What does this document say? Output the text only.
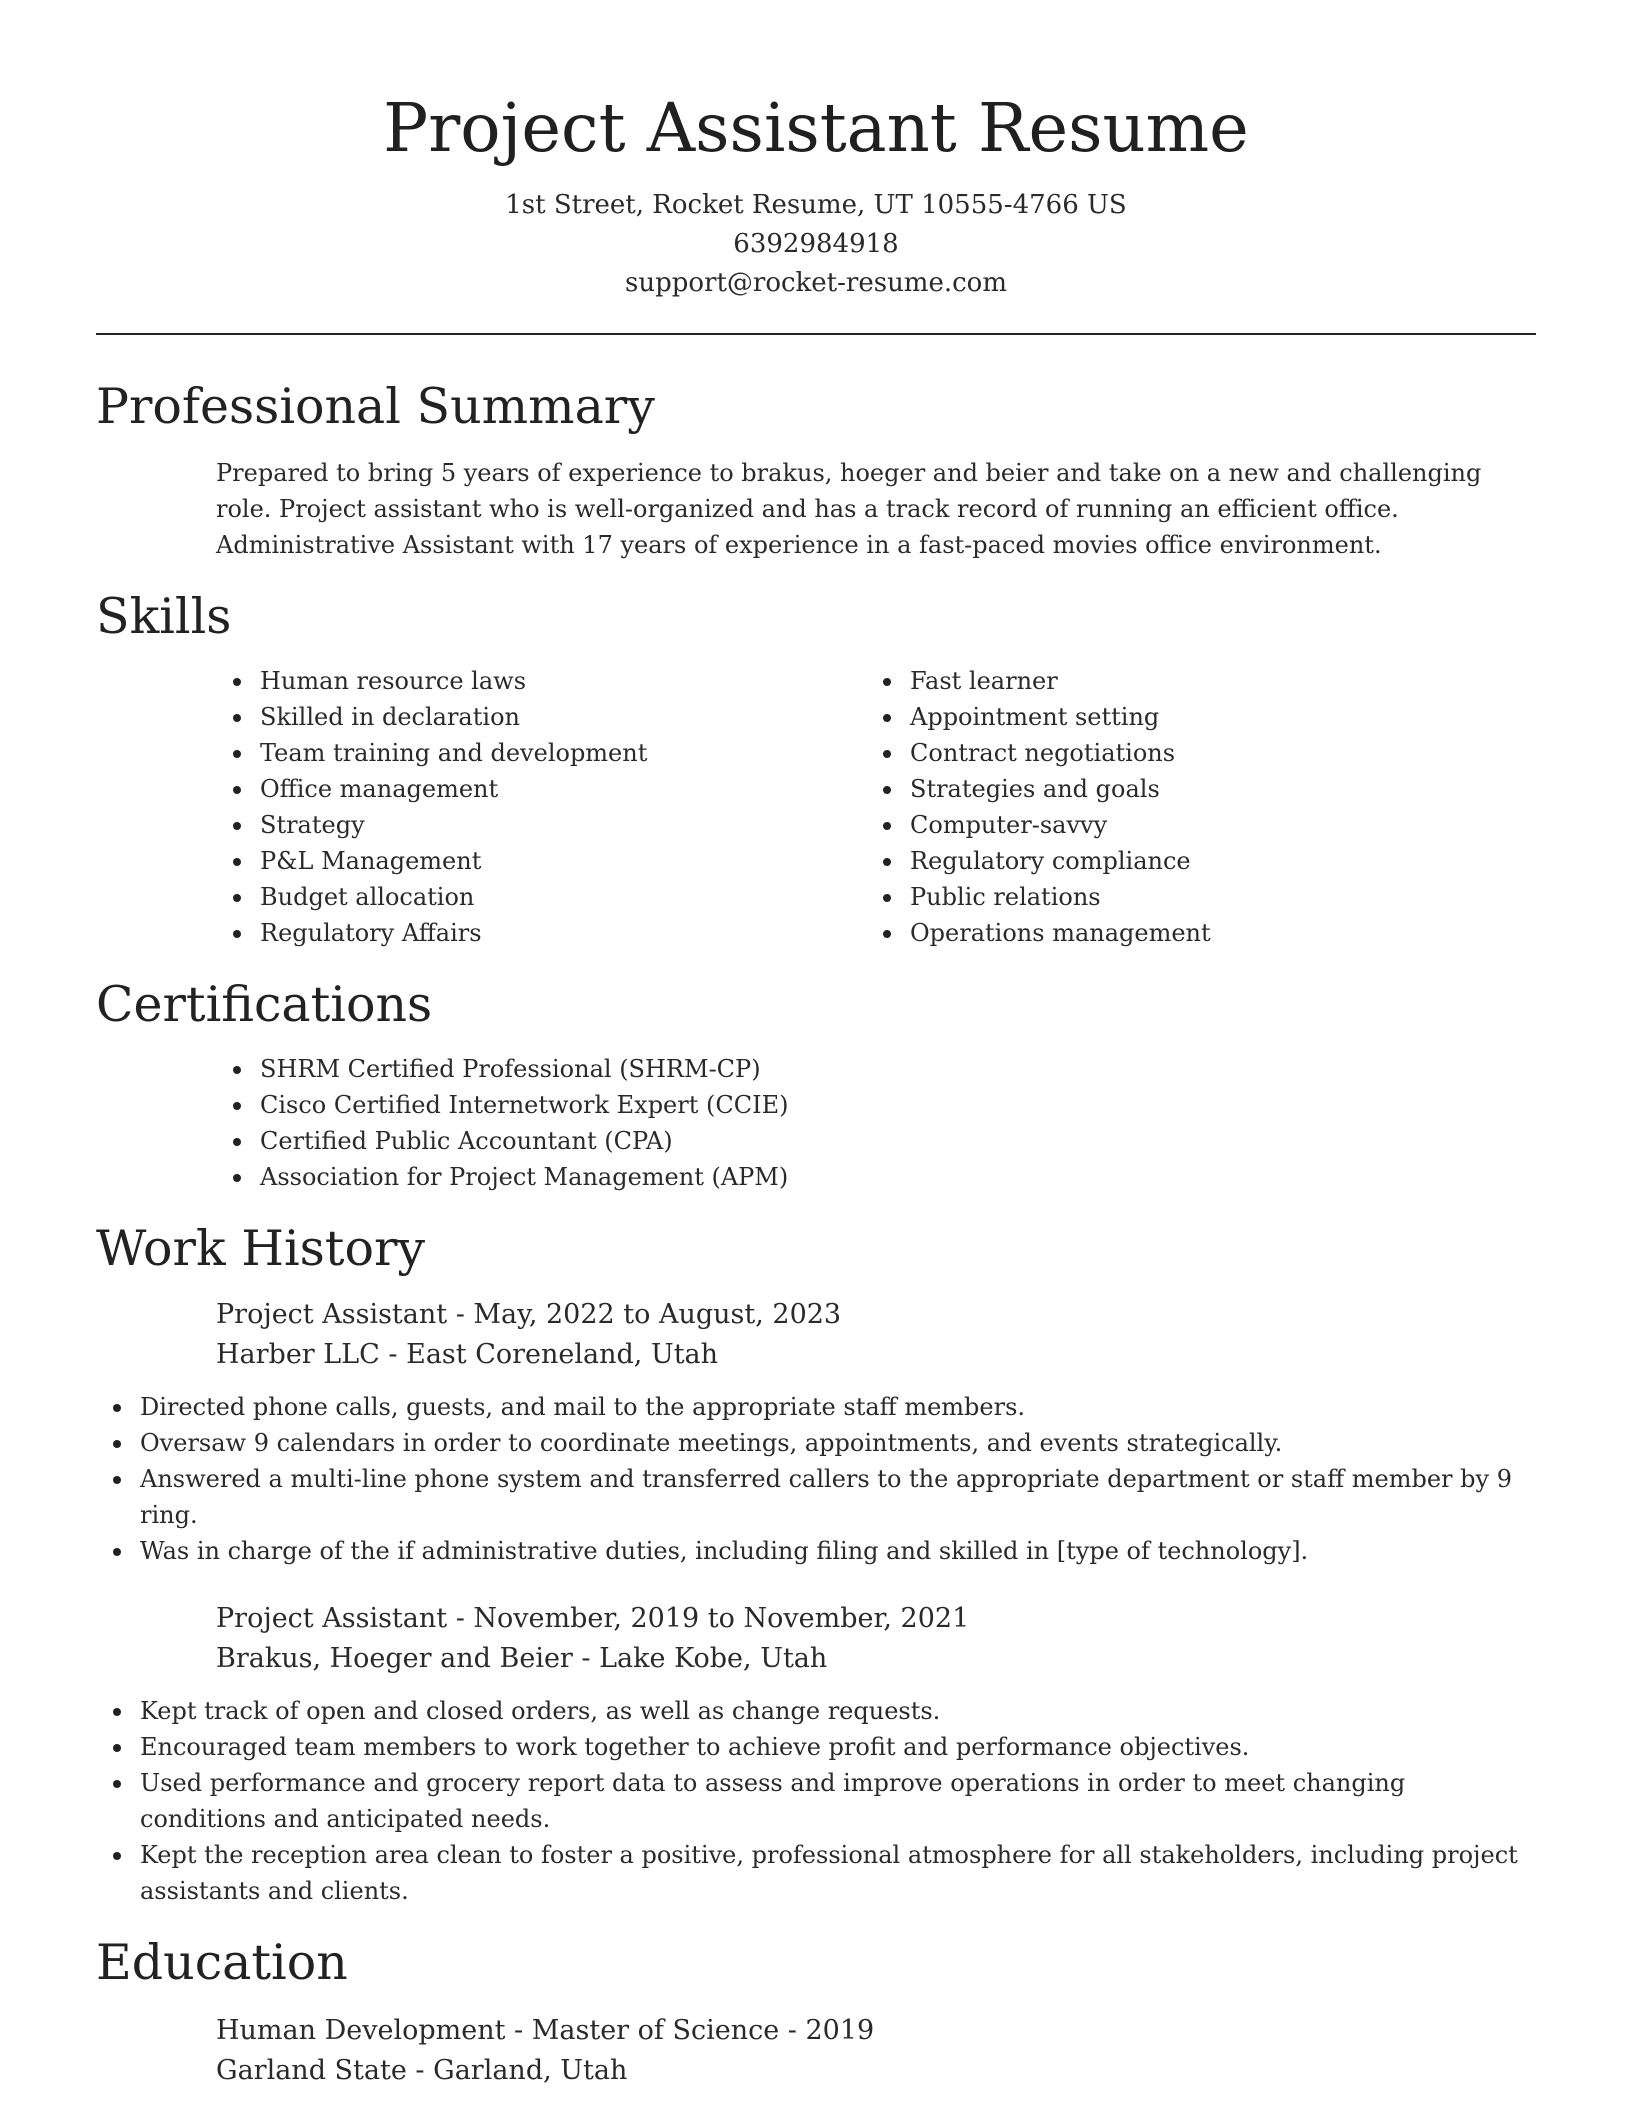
Project Assistant Resume
1st Street, Rocket Resume, UT 10555-4766 US
6392984918
support@rocket-resume.com
Professional Summary

Prepared to bring 5 years of experience to brakus, hoeger and beier and take on a new and challenging role. Project assistant who is well-organized and has a track record of running an efficient office. Administrative Assistant with 17 years of experience in a fast-paced movies office environment.

Skills
Human resource laws
Skilled in declaration
Team training and development
Office management
Strategy
P&L Management
Budget allocation
Regulatory Affairs
Fast learner
Appointment setting
Contract negotiations
Strategies and goals
Computer-savvy
Regulatory compliance
Public relations
Operations management
Certifications
SHRM Certified Professional (SHRM-CP)
Cisco Certified Internetwork Expert (CCIE)
Certified Public Accountant (CPA)
Association for Project Management (APM)
Work History
Project Assistant - May, 2022 to August, 2023
Harber LLC - East Coreneland, Utah
Directed phone calls, guests, and mail to the appropriate staff members.
Oversaw 9 calendars in order to coordinate meetings, appointments, and events strategically.
Answered a multi-line phone system and transferred callers to the appropriate department or staff member by 9 ring.
Was in charge of the if administrative duties, including filing and skilled in [type of technology].
Project Assistant - November, 2019 to November, 2021
Brakus, Hoeger and Beier - Lake Kobe, Utah
Kept track of open and closed orders, as well as change requests.
Encouraged team members to work together to achieve profit and performance objectives.
Used performance and grocery report data to assess and improve operations in order to meet changing conditions and anticipated needs.
Kept the reception area clean to foster a positive, professional atmosphere for all stakeholders, including project assistants and clients.
Education
Human Development - Master of Science - 2019
Garland State - Garland, Utah
